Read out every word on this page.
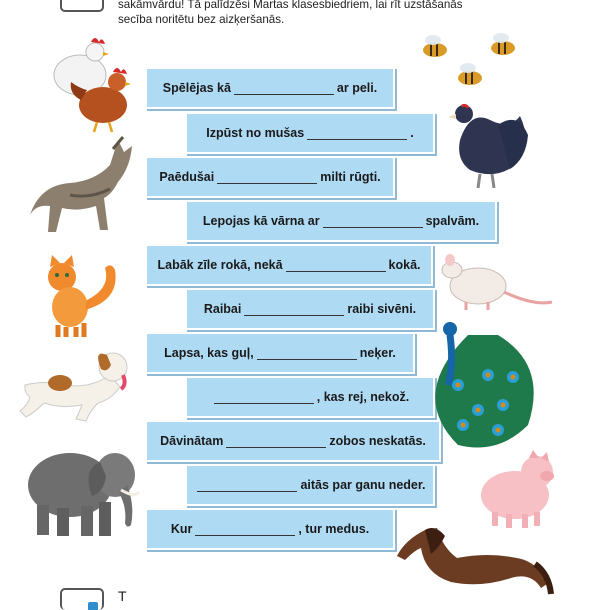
sakāmvārdu! Tā palīdzēsi Martas klasesbiedriem, lai rīt uzstāšanās
secība noritētu bez aizķeršanās.
Spēlējas kā	ar peli.
Izpūst no mušas	.
Paēdušai	milti rūgti.
Lepojas kā vārna ar	spalvām.
Labāk zīle rokā, nekā	kokā.
Raibai	raibi sivēni.
Lapsa, kas guļ,	neķer.
, kas rej, nekož.
Dāvinātam	zobos neskatās.
aitās par ganu neder.
Kur	, tur medus.
T
